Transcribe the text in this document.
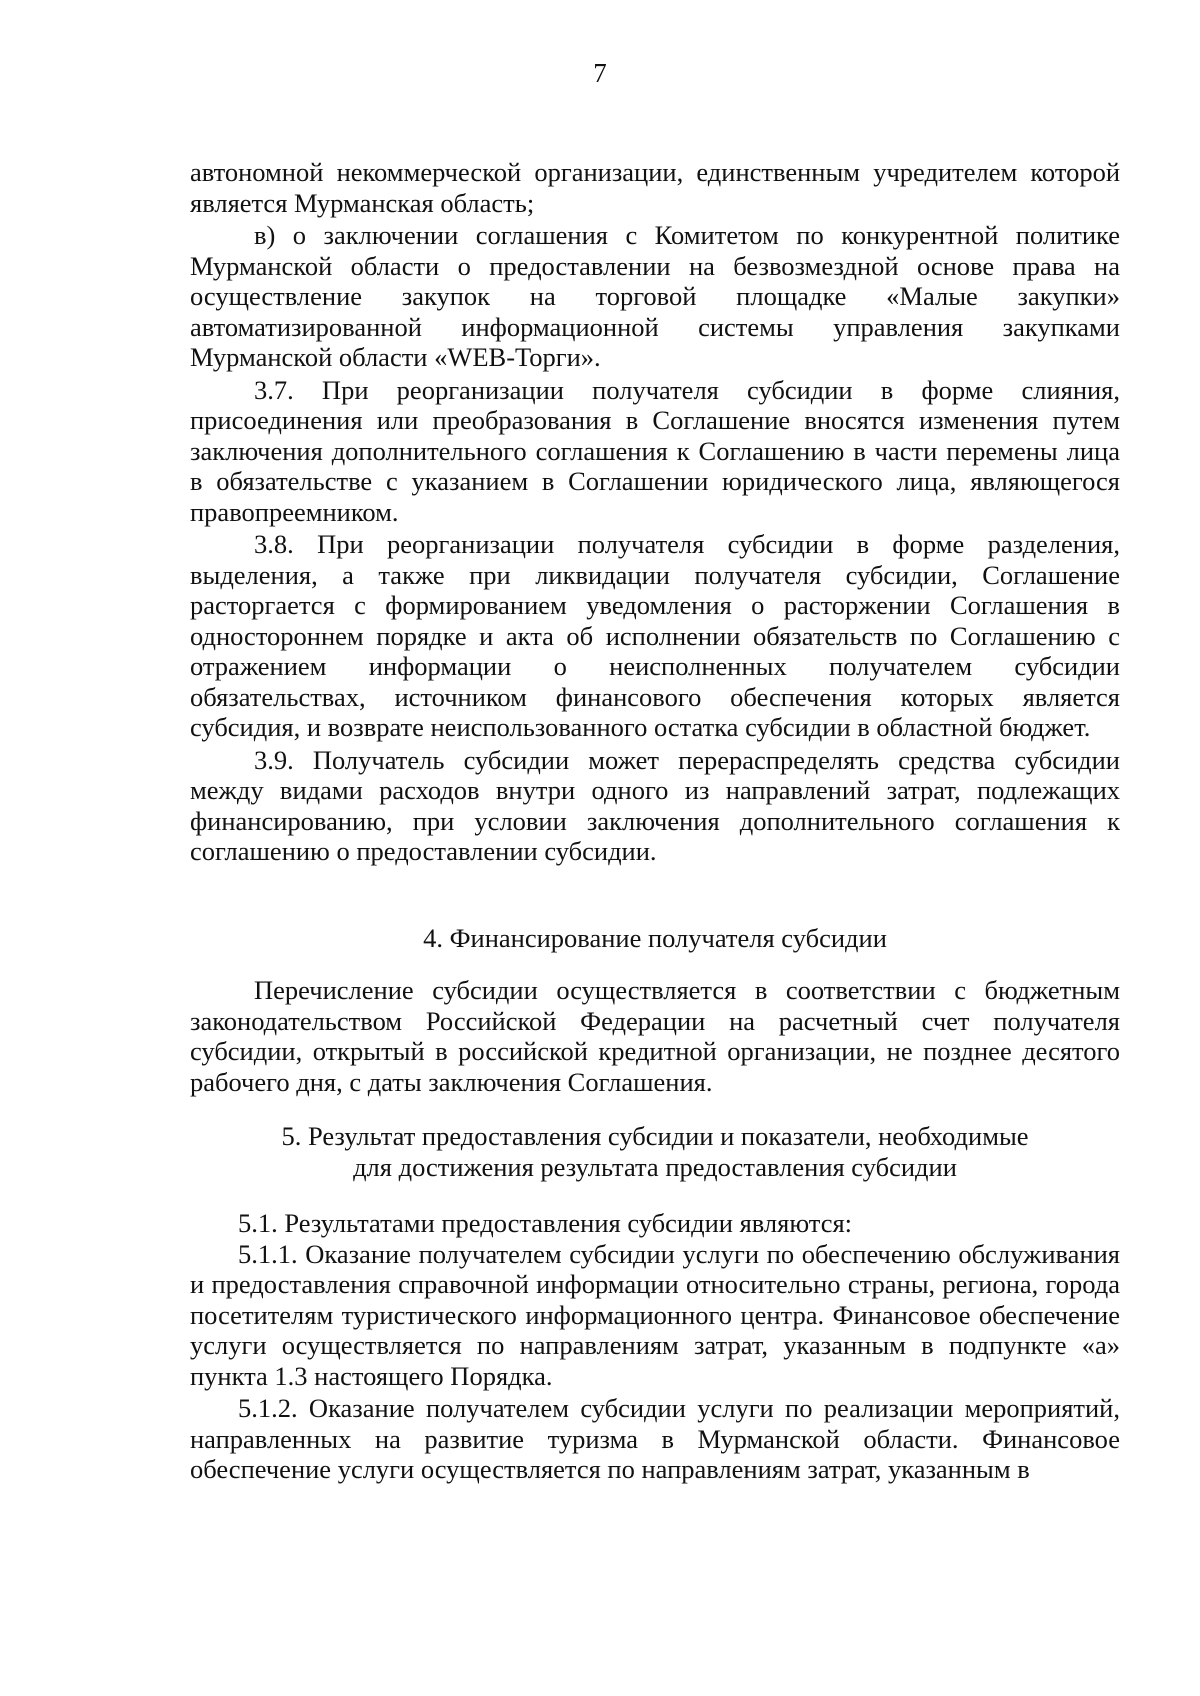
7

автономной некоммерческой организации, единственным учредителем которой является Мурманская область;

в) о заключении соглашения с Комитетом по конкурентной политике Мурманской области о предоставлении на безвозмездной основе права на осуществление закупок на торговой площадке «Малые закупки» автоматизированной информационной системы управления закупками Мурманской области «WEB-Торги».

3.7. При реорганизации получателя субсидии в форме слияния, присоединения или преобразования в Соглашение вносятся изменения путем заключения дополнительного соглашения к Соглашению в части перемены лица в обязательстве с указанием в Соглашении юридического лица, являющегося правопреемником.

3.8. При реорганизации получателя субсидии в форме разделения, выделения, а также при ликвидации получателя субсидии, Соглашение расторгается с формированием уведомления о расторжении Соглашения в одностороннем порядке и акта об исполнении обязательств по Соглашению с отражением информации о неисполненных получателем субсидии обязательствах, источником финансового обеспечения которых является субсидия, и возврате неиспользованного остатка субсидии в областной бюджет.

3.9. Получатель субсидии может перераспределять средства субсидии между видами расходов внутри одного из направлений затрат, подлежащих финансированию, при условии заключения дополнительного соглашения к соглашению о предоставлении субсидии.

4. Финансирование получателя субсидии

Перечисление субсидии осуществляется в соответствии с бюджетным законодательством Российской Федерации на расчетный счет получателя субсидии, открытый в российской кредитной организации, не позднее десятого рабочего дня, с даты заключения Соглашения.

5. Результат предоставления субсидии и показатели, необходимые

для достижения результата предоставления субсидии

5.1. Результатами предоставления субсидии являются:

5.1.1. Оказание получателем субсидии услуги по обеспечению обслуживания и предоставления справочной информации относительно страны, региона, города посетителям туристического информационного центра. Финансовое обеспечение услуги осуществляется по направлениям затрат, указанным в подпункте «а» пункта 1.3 настоящего Порядка.

5.1.2. Оказание получателем субсидии услуги по реализации мероприятий, направленных на развитие туризма в Мурманской области. Финансовое обеспечение услуги осуществляется по направлениям затрат, указанным в
